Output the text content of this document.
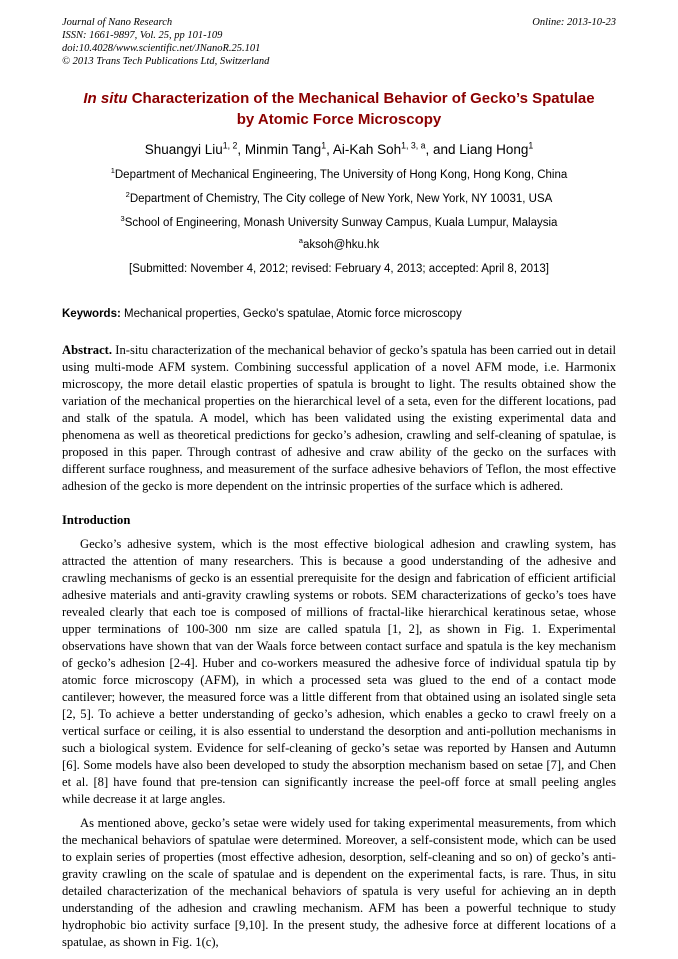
Journal of Nano Research
ISSN: 1661-9897, Vol. 25, pp 101-109
doi:10.4028/www.scientific.net/JNanoR.25.101
© 2013 Trans Tech Publications Ltd, Switzerland
Online: 2013-10-23
In situ Characterization of the Mechanical Behavior of Gecko’s Spatulae
by Atomic Force Microscopy
Shuangyi Liu$^{1, 2}$, Minmin Tang$^1$, Ai-Kah Soh$^{1, 3, a}$, and Liang Hong$^1$
$^1$Department of Mechanical Engineering, The University of Hong Kong, Hong Kong, China
$^2$Department of Chemistry, The City college of New York, New York, NY 10031, USA
$^3$School of Engineering, Monash University Sunway Campus, Kuala Lumpur, Malaysia
$^a$aksoh@hku.hk
[Submitted: November 4, 2012; revised: February 4, 2013; accepted: April 8, 2013]
Keywords: Mechanical properties, Gecko's spatulae, Atomic force microscopy

Abstract. In-situ characterization of the mechanical behavior of gecko’s spatula has been carried out in detail using multi-mode AFM system. Combining successful application of a novel AFM mode, i.e. Harmonix microscopy, the more detail elastic properties of spatula is brought to light. The results obtained show the variation of the mechanical properties on the hierarchical level of a seta, even for the different locations, pad and stalk of the spatula. A model, which has been validated using the existing experimental data and phenomena as well as theoretical predictions for gecko’s adhesion, crawling and self-cleaning of spatulae, is proposed in this paper. Through contrast of adhesive and craw ability of the gecko on the surfaces with different surface roughness, and measurement of the surface adhesive behaviors of Teflon, the most effective adhesion of the gecko is more dependent on the intrinsic properties of the surface which is adhered.

Introduction

Gecko’s adhesive system, which is the most effective biological adhesion and crawling system, has attracted the attention of many researchers. This is because a good understanding of the adhesive and crawling mechanisms of gecko is an essential prerequisite for the design and fabrication of efficient artificial adhesive materials and anti-gravity crawling systems or robots. SEM characterizations of gecko’s toes have revealed clearly that each toe is composed of millions of fractal-like hierarchical keratinous setae, whose upper terminations of 100-300 nm size are called spatula [1, 2], as shown in Fig. 1. Experimental observations have shown that van der Waals force between contact surface and spatula is the key mechanism of gecko’s adhesion [2-4]. Huber and co-workers measured the adhesive force of individual spatula tip by atomic force microscopy (AFM), in which a processed seta was glued to the end of a contact mode cantilever; however, the measured force was a little different from that obtained using an isolated single seta [2, 5]. To achieve a better understanding of gecko’s adhesion, which enables a gecko to crawl freely on a vertical surface or ceiling, it is also essential to understand the desorption and anti-pollution mechanisms in such a biological system. Evidence for self-cleaning of gecko’s setae was reported by Hansen and Autumn [6]. Some models have also been developed to study the absorption mechanism based on setae [7], and Chen et al. [8] have found that pre-tension can significantly increase the peel-off force at small peeling angles while decrease it at large angles.

As mentioned above, gecko’s setae were widely used for taking experimental measurements, from which the mechanical behaviors of spatulae were determined. Moreover, a self-consistent mode, which can be used to explain series of properties (most effective adhesion, desorption, self-cleaning and so on) of gecko’s anti-gravity crawling on the scale of spatulae and is dependent on the experimental facts, is rare. Thus, in situ detailed characterization of the mechanical behaviors of spatula is very useful for achieving an in depth understanding of the adhesion and crawling mechanism. AFM has been a powerful technique to study hydrophobic bio activity surface [9,10]. In the present study, the adhesive force at different locations of a spatulae, as shown in Fig. 1(c),
